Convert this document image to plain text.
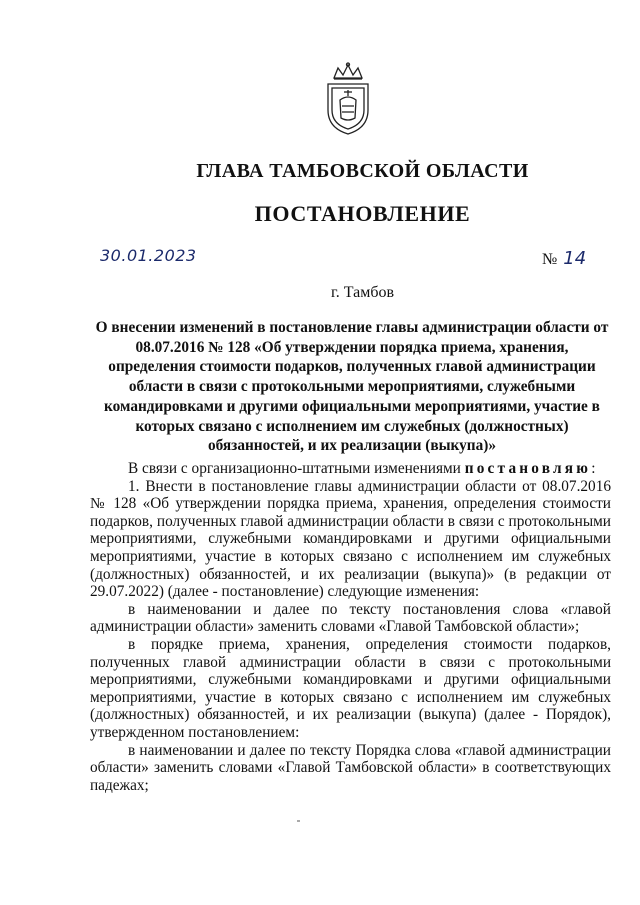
ГЛАВА ТАМБОВСКОЙ ОБЛАСТИ
ПОСТАНОВЛЕНИЕ
30.01.2023	№ 14
г. Тамбов
О внесении изменений в постановление главы администрации области от 08.07.2016 № 128 «Об утверждении порядка приема, хранения, определения стоимости подарков, полученных главой администрации области в связи с протокольными мероприятиями, служебными командировками и другими официальными мероприятиями, участие в которых связано с исполнением им служебных (должностных) обязанностей, и их реализации (выкупа)»

В связи с организационно-штатными изменениями постановляю:

1. Внести в постановление главы администрации области от 08.07.2016 № 128 «Об утверждении порядка приема, хранения, определения стоимости подарков, полученных главой администрации области в связи с протокольными мероприятиями, служебными командировками и другими официальными мероприятиями, участие в которых связано с исполнением им служебных (должностных) обязанностей, и их реализации (выкупа)» (в редакции от 29.07.2022) (далее - постановление) следующие изменения:

в наименовании и далее по тексту постановления слова «главой администрации области» заменить словами «Главой Тамбовской области»;

в порядке приема, хранения, определения стоимости подарков, полученных главой администрации области в связи с протокольными мероприятиями, служебными командировками и другими официальными мероприятиями, участие в которых связано с исполнением им служебных (должностных) обязанностей, и их реализации (выкупа) (далее - Порядок), утвержденном постановлением:

в наименовании и далее по тексту Порядка слова «главой администрации области» заменить словами «Главой Тамбовской области» в соответствующих падежах;
